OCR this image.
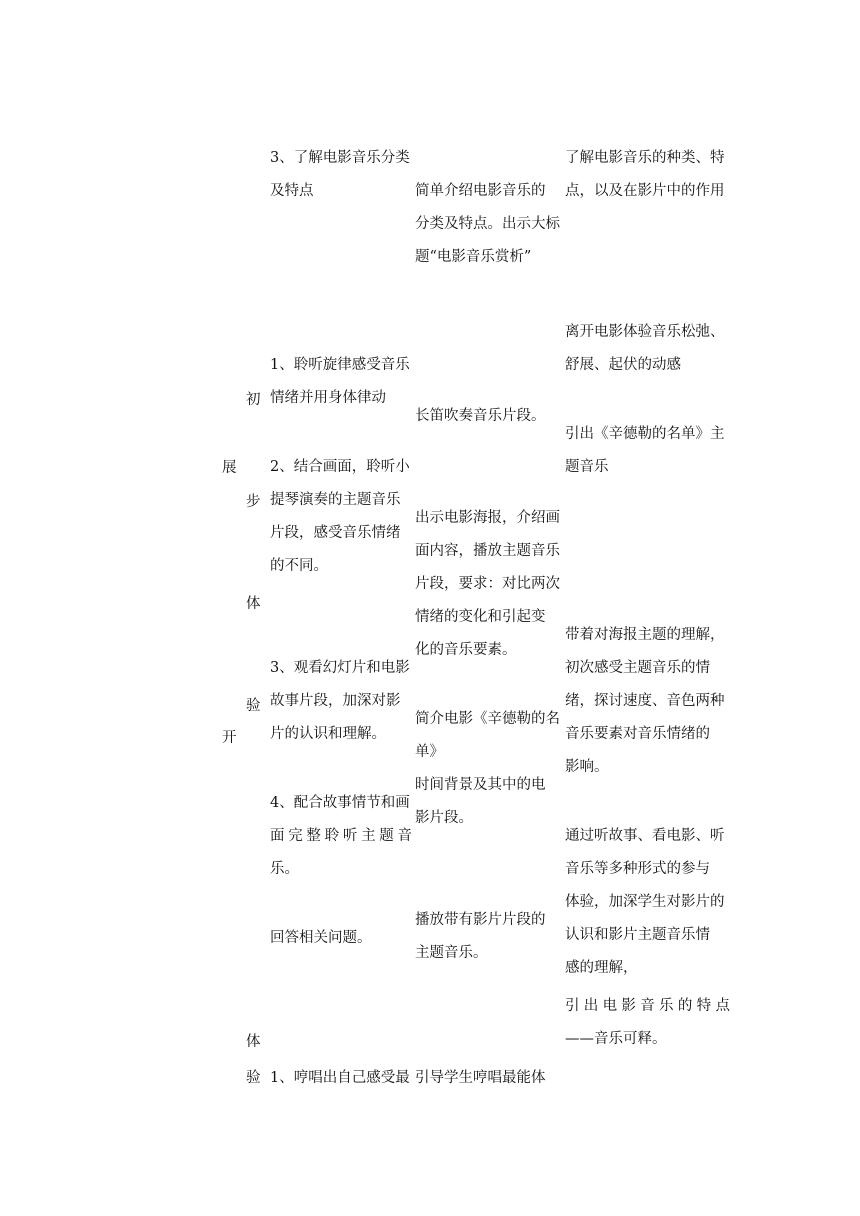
展
开
初
步
体
验
体
验
3、了解电影音乐分类
及特点	简单介绍电影音乐的
分类及特点。出示大标
题“电影音乐赏析”
了解电影音乐的种类、特
点，以及在影片中的作用
离开电影体验音乐松弛、
舒展、起伏的动感
1、聆听旋律感受音乐
情绪并用身体律动
长笛吹奏音乐片段。
引出《辛德勒的名单》主
题音乐
2、结合画面，聆听小
提琴演奏的主题音乐
片段，感受音乐情绪
的不同。
出示电影海报，介绍画
面内容，播放主题音乐
片段，要求：对比两次
情绪的变化和引起变
化的音乐要素。
带着对海报主题的理解，
初次感受主题音乐的情
绪，探讨速度、音色两种
音乐要素对音乐情绪的
影响。
3、观看幻灯片和电影
故事片段，加深对影
片的认识和理解。
简介电影《辛德勒的名
单》
时间背景及其中的电
影片段。
4、配合故事情节和画
面完整聆听主题音
乐。
通过听故事、看电影、听
音乐等多种形式的参与
体验，加深学生对影片的
认识和影片主题音乐情
感的理解，
引出电影音乐的特点
——音乐可释。
回答相关问题。
播放带有影片片段的
主题音乐。
1、哼唱出自己感受最 引导学生哼唱最能体
